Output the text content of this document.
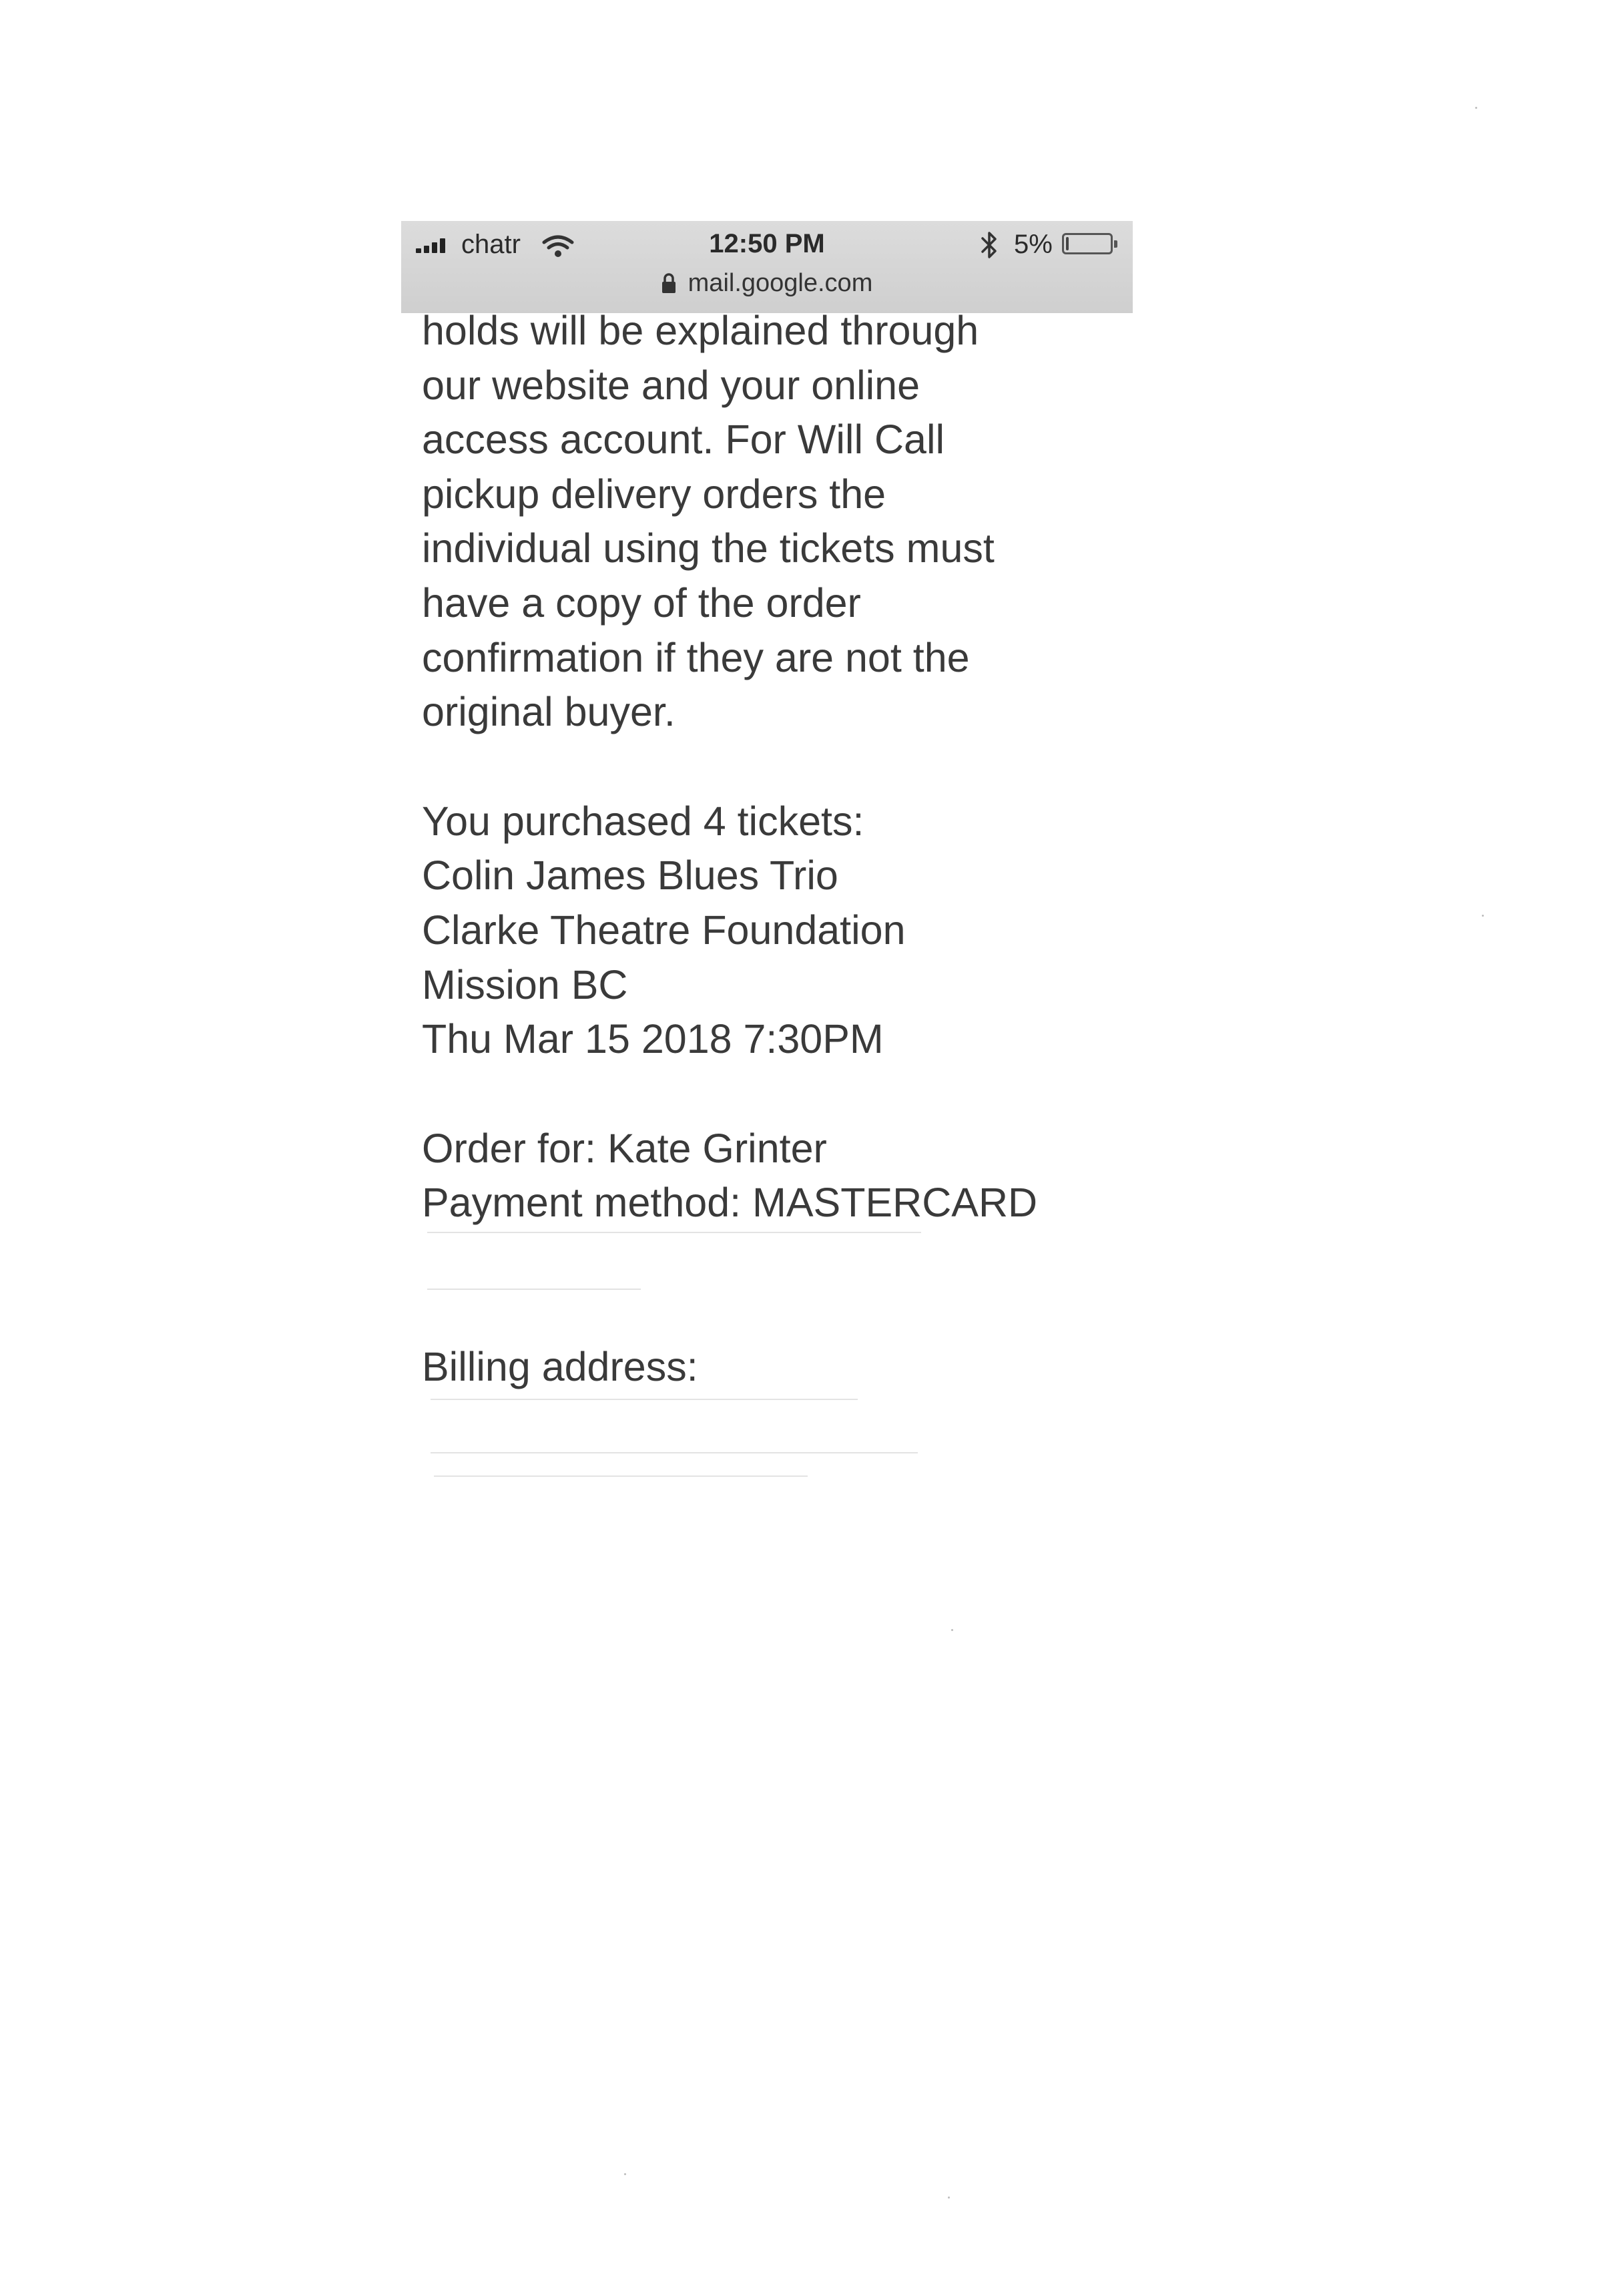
chatr	12:50 PM	5%
mail.google.com

holds will be explained through

our website and your online

access account. For Will Call

pickup delivery orders the

individual using the tickets must

have a copy of the order

confirmation if they are not the

original buyer.

You purchased 4 tickets:

Colin James Blues Trio

Clarke Theatre Foundation

Mission BC

Thu Mar 15 2018 7:30PM

Order for: Kate Grinter

Payment method: MASTERCARD

Billing address:
